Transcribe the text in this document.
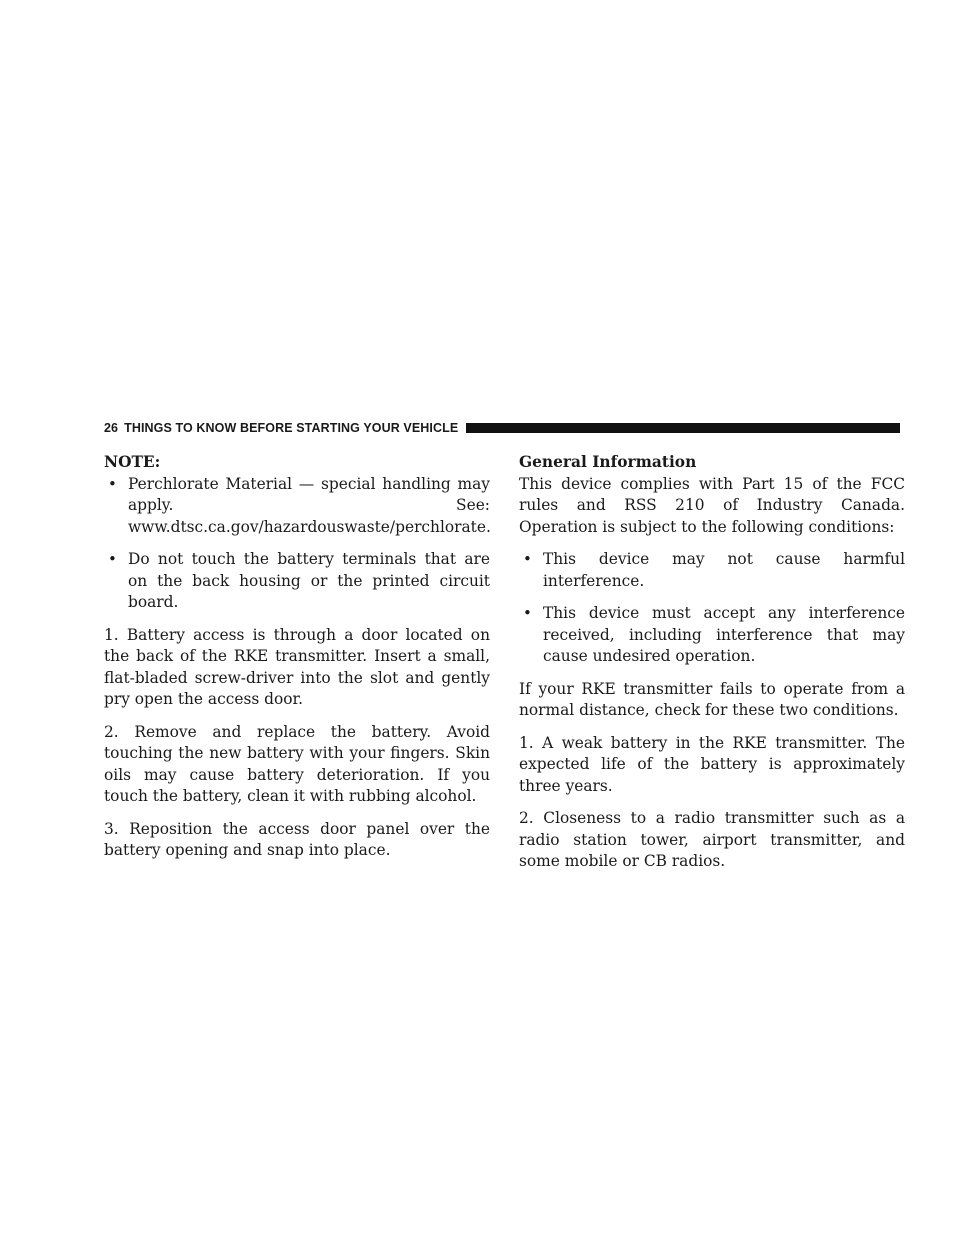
26 THINGS TO KNOW BEFORE STARTING YOUR VEHICLE

NOTE:

• Perchlorate Material — special handling may apply. See: www.dtsc.ca.gov/hazardouswaste/perchlorate.
• Do not touch the battery terminals that are on the back housing or the printed circuit board.

1. Battery access is through a door located on the back of the RKE transmitter. Insert a small, flat-bladed screw-driver into the slot and gently pry open the access door.

2. Remove and replace the battery. Avoid touching the new battery with your fingers. Skin oils may cause battery deterioration. If you touch the battery, clean it with rubbing alcohol.

3. Reposition the access door panel over the battery opening and snap into place.

General Information

This device complies with Part 15 of the FCC rules and RSS 210 of Industry Canada. Operation is subject to the following conditions:

• This device may not cause harmful interference.
• This device must accept any interference received, including interference that may cause undesired operation.

If your RKE transmitter fails to operate from a normal distance, check for these two conditions.

1. A weak battery in the RKE transmitter. The expected life of the battery is approximately three years.

2. Closeness to a radio transmitter such as a radio station tower, airport transmitter, and some mobile or CB radios.
